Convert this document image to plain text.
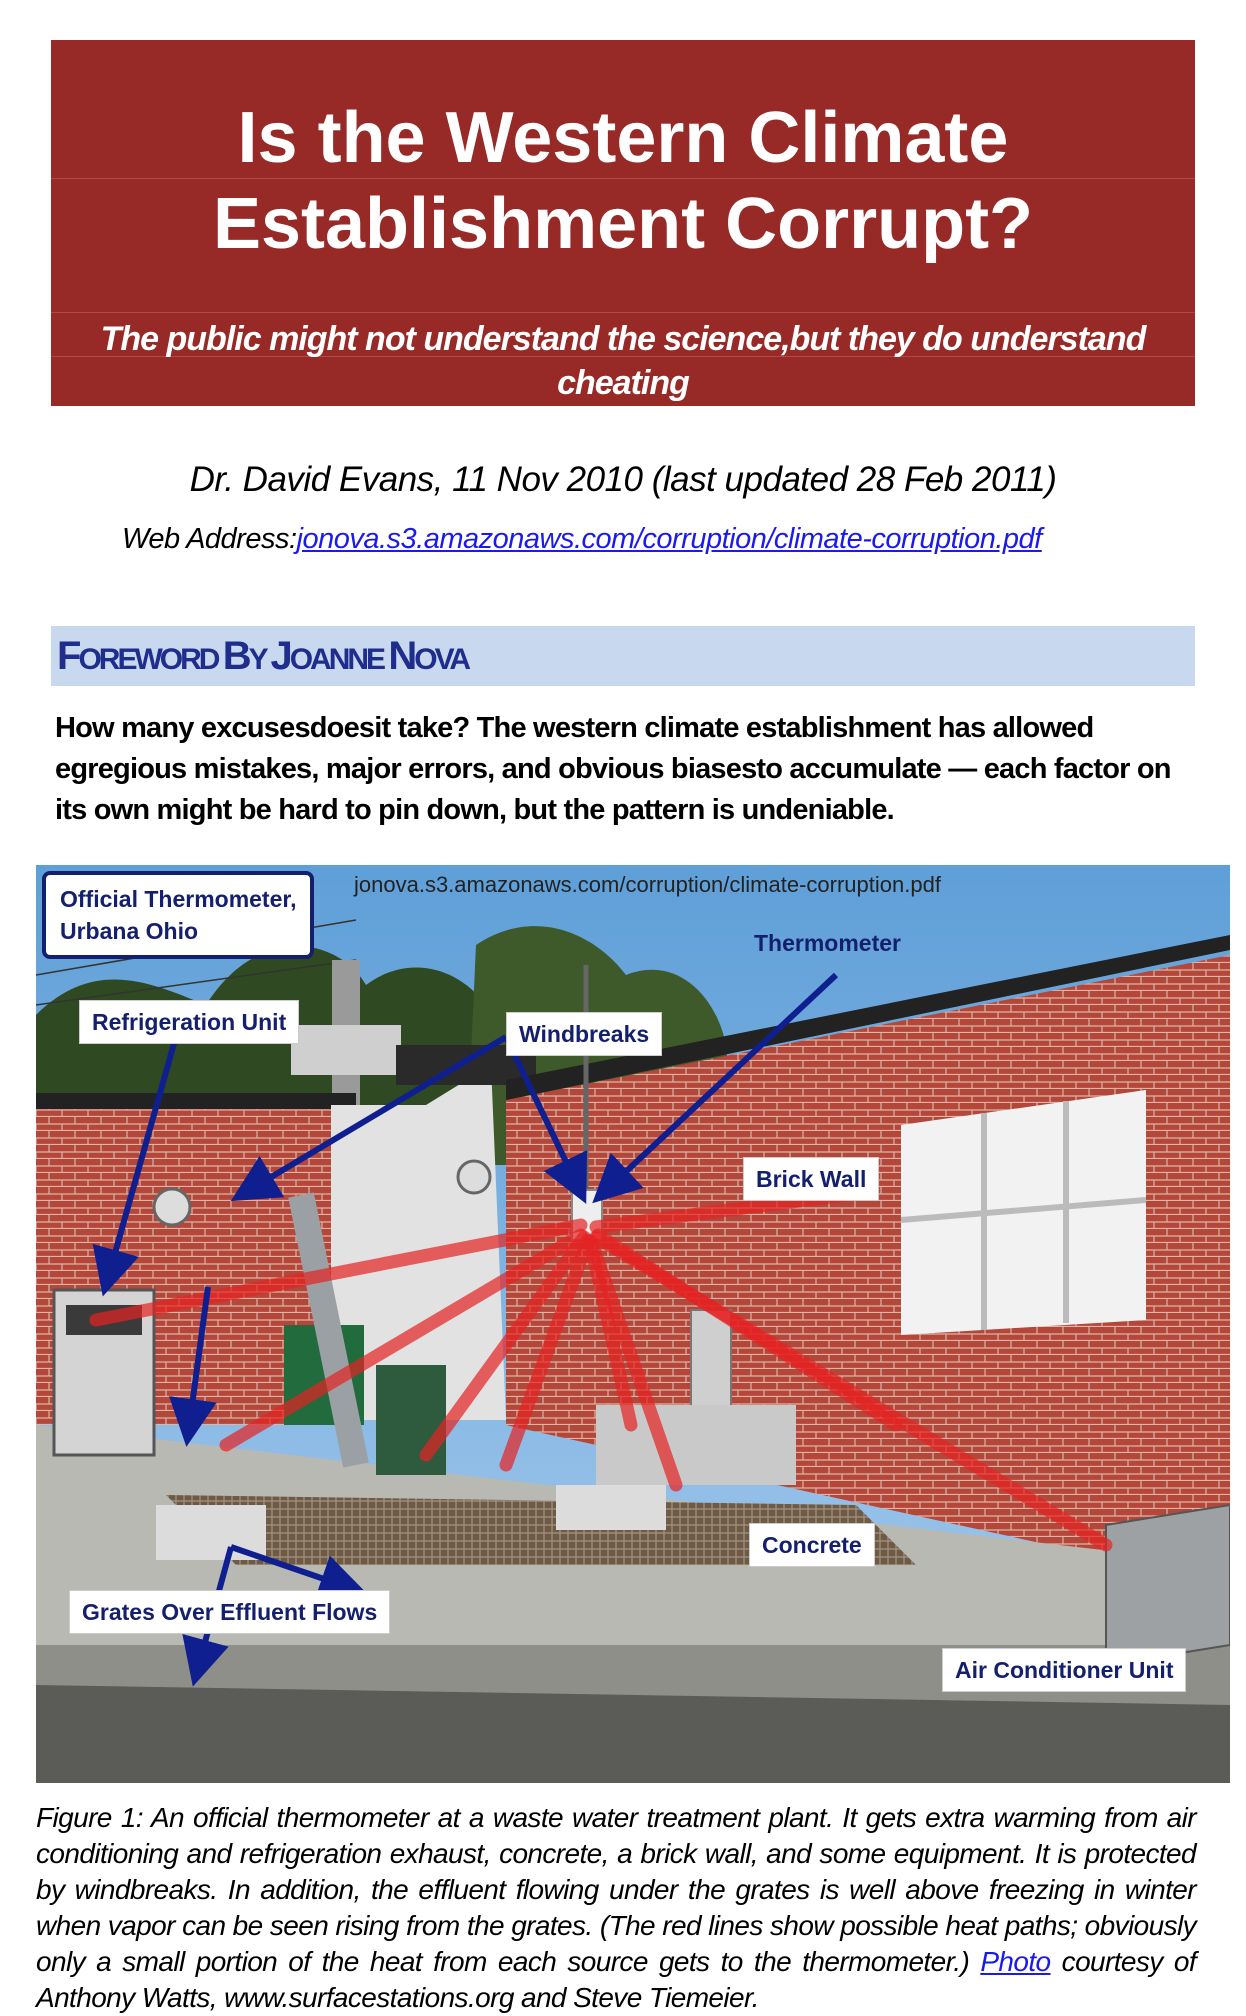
Is the Western Climate
Establishment Corrupt?
The public might not understand the science,but they do understand
cheating
Dr. David Evans, 11 Nov 2010 (last updated 28 Feb 2011)
Web Address:jonova.s3.amazonaws.com/corruption/climate-corruption.pdf
FOREWORD BY JOANNE NOVA
How many excusesdoesit take? The western climate establishment has allowed egregious mistakes, major errors, and obvious biasesto accumulate — each factor on its own might be hard to pin down, but the pattern is undeniable.
jonova.s3.amazonaws.com/corruption/climate-corruption.pdf
Official Thermometer,
Urbana Ohio
Refrigeration Unit	Windbreaks
Thermometer
Brick Wall
Concrete
Grates Over Effluent Flows
Air Conditioner Unit
Figure 1: An official thermometer at a waste water treatment plant. It gets extra warming from air conditioning and refrigeration exhaust, concrete, a brick wall, and some equipment. It is protected by windbreaks. In addition, the effluent flowing under the grates is well above freezing in winter when vapor can be seen rising from the grates. (The red lines show possible heat paths; obviously only a small portion of the heat from each source gets to the thermometer.) Photo courtesy of Anthony Watts, www.surfacestations.org and Steve Tiemeier.
